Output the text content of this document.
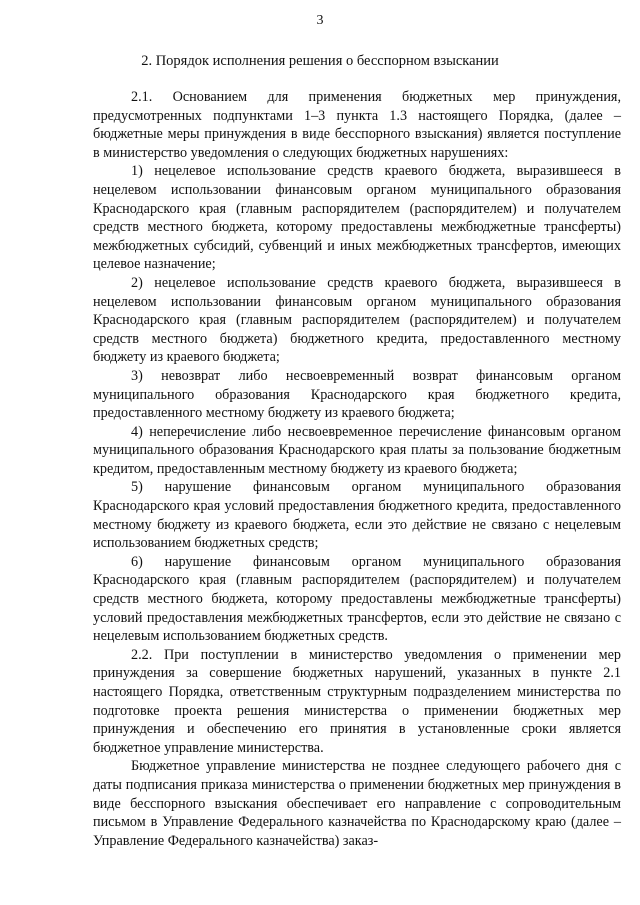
3
2. Порядок исполнения решения о бесспорном взыскании

2.1. Основанием для применения бюджетных мер принуждения, предусмотренных подпунктами 1–3 пункта 1.3 настоящего Порядка, (далее – бюджетные меры принуждения в виде бесспорного взыскания) является поступление в министерство уведомления о следующих бюджетных нарушениях:

1) нецелевое использование средств краевого бюджета, выразившееся в нецелевом использовании финансовым органом муниципального образования Краснодарского края (главным распорядителем (распорядителем) и получателем средств местного бюджета, которому предоставлены межбюджетные трансферты) межбюджетных субсидий, субвенций и иных межбюджетных трансфертов, имеющих целевое назначение;

2) нецелевое использование средств краевого бюджета, выразившееся в нецелевом использовании финансовым органом муниципального образования Краснодарского края (главным распорядителем (распорядителем) и получателем средств местного бюджета) бюджетного кредита, предоставленного местному бюджету из краевого бюджета;

3) невозврат либо несвоевременный возврат финансовым органом муниципального образования Краснодарского края бюджетного кредита, предоставленного местному бюджету из краевого бюджета;

4) неперечисление либо несвоевременное перечисление финансовым органом муниципального образования Краснодарского края платы за пользование бюджетным кредитом, предоставленным местному бюджету из краевого бюджета;

5) нарушение финансовым органом муниципального образования Краснодарского края условий предоставления бюджетного кредита, предоставленного местному бюджету из краевого бюджета, если это действие не связано с нецелевым использованием бюджетных средств;

6) нарушение финансовым органом муниципального образования Краснодарского края (главным распорядителем (распорядителем) и получателем средств местного бюджета, которому предоставлены межбюджетные трансферты) условий предоставления межбюджетных трансфертов, если это действие не связано с нецелевым использованием бюджетных средств.

2.2. При поступлении в министерство уведомления о применении мер принуждения за совершение бюджетных нарушений, указанных в пункте 2.1 настоящего Порядка, ответственным структурным подразделением министерства по подготовке проекта решения министерства о применении бюджетных мер принуждения и обеспечению его принятия в установленные сроки является бюджетное управление министерства.

Бюджетное управление министерства не позднее следующего рабочего дня с даты подписания приказа министерства о применении бюджетных мер принуждения в виде бесспорного взыскания обеспечивает его направление с сопроводительным письмом в Управление Федерального казначейства по Краснодарскому краю (далее – Управление Федерального казначейства) заказ-
